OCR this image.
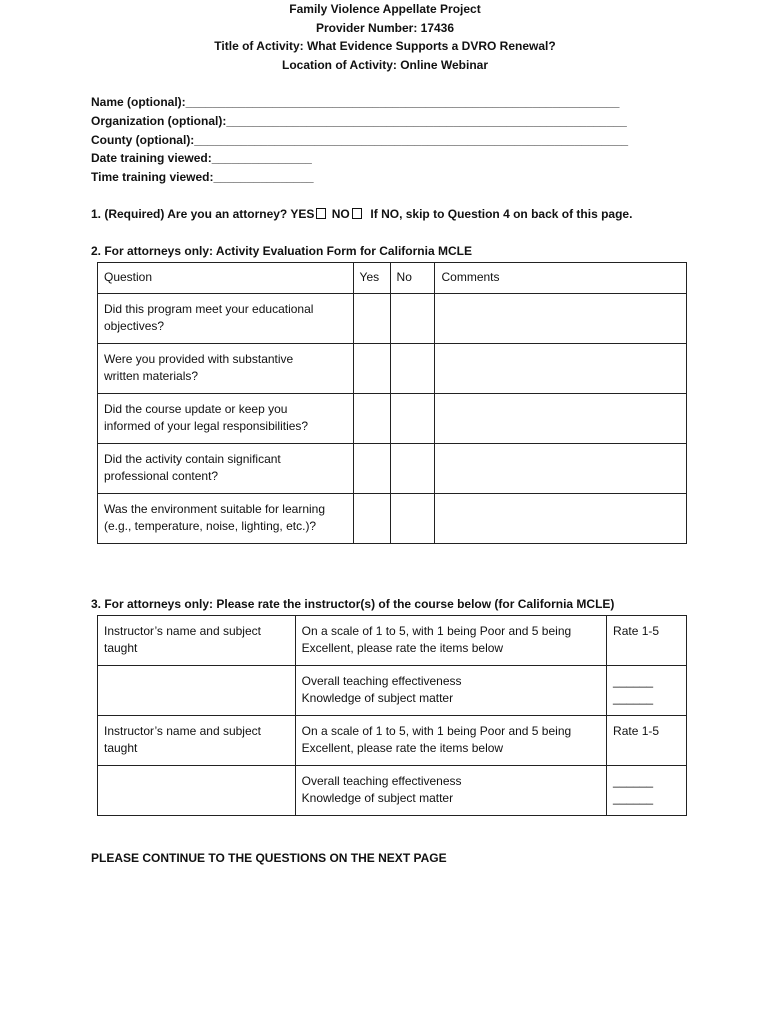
Family Violence Appellate Project
Provider Number: 17436
Title of Activity: What Evidence Supports a DVRO Renewal?
Location of Activity: Online Webinar
Name (optional):_________________________________________________________________
Organization (optional):____________________________________________________________
County (optional):_________________________________________________________________
Date training viewed:_______________
Time training viewed:_______________
1. (Required) Are you an attorney? YES NO If NO, skip to Question 4 on back of this page.
2. For attorneys only: Activity Evaluation Form for California MCLE
Question	Yes	No	Comments

Did this program meet your educational
objectives?			

Were you provided with substantive
written materials?			

Did the course update or keep you
informed of your legal responsibilities?			

Did the activity contain significant
professional content?			

Was the environment suitable for learning
(e.g., temperature, noise, lighting, etc.)?			

3. For attorneys only: Please rate the instructor(s) of the course below (for California MCLE)
Instructor’s name and subject
taught	On a scale of 1 to 5, with 1 being Poor and 5 being
Excellent, please rate the items below	Rate 1-5

	Overall teaching effectiveness
Knowledge of subject matter	______
______

Instructor’s name and subject
taught	On a scale of 1 to 5, with 1 being Poor and 5 being
Excellent, please rate the items below	Rate 1-5

	Overall teaching effectiveness
Knowledge of subject matter	______
______
PLEASE CONTINUE TO THE QUESTIONS ON THE NEXT PAGE
